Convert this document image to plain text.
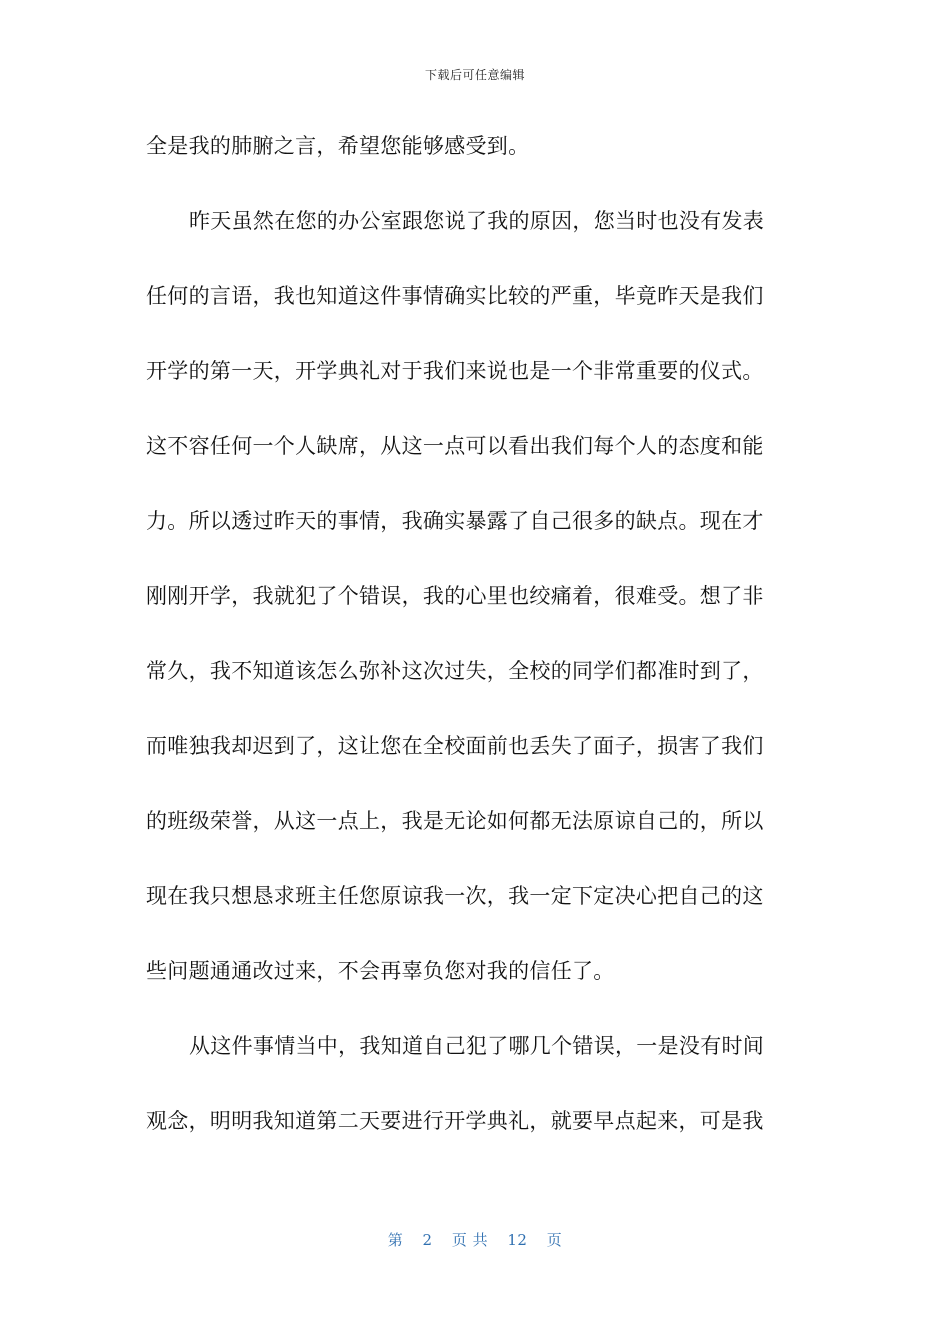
下载后可任意编辑
全是我的肺腑之言，希望您能够感受到。
昨天虽然在您的办公室跟您说了我的原因，您当时也没有发表
任何的言语，我也知道这件事情确实比较的严重，毕竟昨天是我们
开学的第一天，开学典礼对于我们来说也是一个非常重要的仪式。
这不容任何一个人缺席，从这一点可以看出我们每个人的态度和能
力。所以透过昨天的事情，我确实暴露了自己很多的缺点。现在才
刚刚开学，我就犯了个错误，我的心里也绞痛着，很难受。想了非
常久，我不知道该怎么弥补这次过失，全校的同学们都准时到了，
而唯独我却迟到了，这让您在全校面前也丢失了面子，损害了我们
的班级荣誉，从这一点上，我是无论如何都无法原谅自己的，所以
现在我只想恳求班主任您原谅我一次，我一定下定决心把自己的这
些问题通通改过来，不会再辜负您对我的信任了。
从这件事情当中，我知道自己犯了哪几个错误，一是没有时间
观念，明明我知道第二天要进行开学典礼，就要早点起来，可是我
第 2 页 共 12 页
